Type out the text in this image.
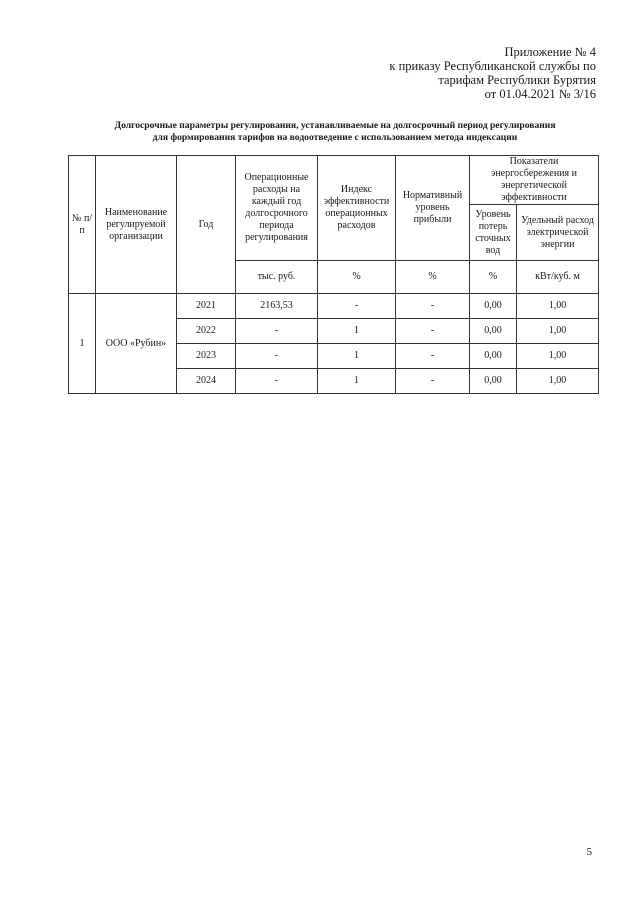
Приложение № 4
к приказу Республиканской службы по
тарифам Республики Бурятия
от 01.04.2021 № 3/16
Долгосрочные параметры регулирования, устанавливаемые на долгосрочный период регулирования
для формирования тарифов на водоотведение с использованием метода индексации
№ п/п	Наименование регулируемой организации	Год	Операционные расходы на каждый год долгосрочного периода регулирования	Индекс эффективности операционных расходов	Нормативный уровень прибыли	Показатели энергосбережения и энергетической эффективности	
						Уровень потерь сточных вод	Удельный расход электрической энергии
			тыс. руб.	%	%	%	кВт/куб. м
1	ООО «Рубин»	2021	2163,53	-	-	0,00	1,00
		2022	-	1	-	0,00	1,00
		2023	-	1	-	0,00	1,00
		2024	-	1	-	0,00	1,00
5
